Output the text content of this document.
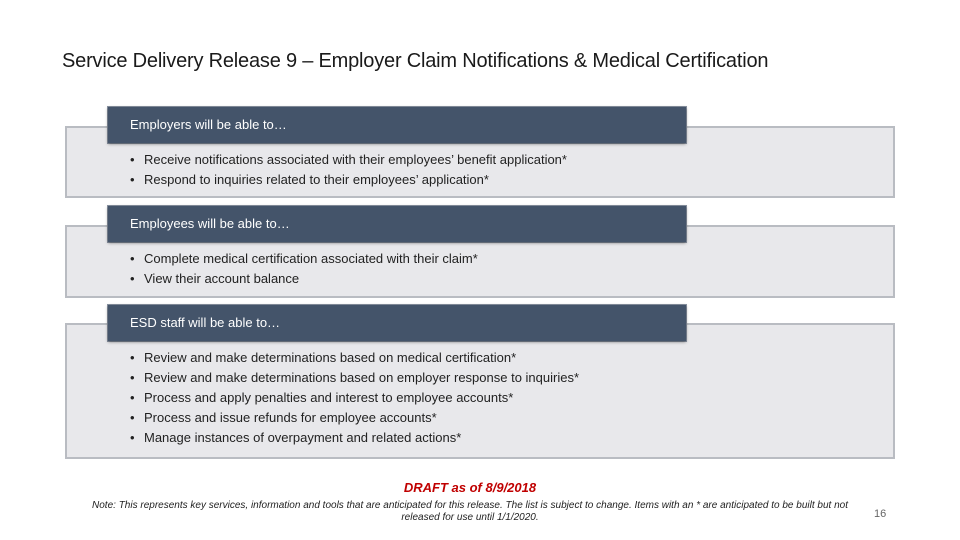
Service Delivery Release 9 – Employer Claim Notifications & Medical Certification
Employers will be able to…
• Receive notifications associated with their employees’ benefit application*
• Respond to inquiries related to their employees’ application*
Employees will be able to…
• Complete medical certification associated with their claim*
• View their account balance
ESD staff will be able to…
• Review and make determinations based on medical certification*
• Review and make determinations based on employer response to inquiries*
• Process and apply penalties and interest to employee accounts*
• Process and issue refunds for employee accounts*
• Manage instances of overpayment and related actions*
DRAFT as of 8/9/2018
Note: This represents key services, information and tools that are anticipated for this release. The list is subject to change. Items with an * are anticipated to be built but not released for use until 1/1/2020.	16
